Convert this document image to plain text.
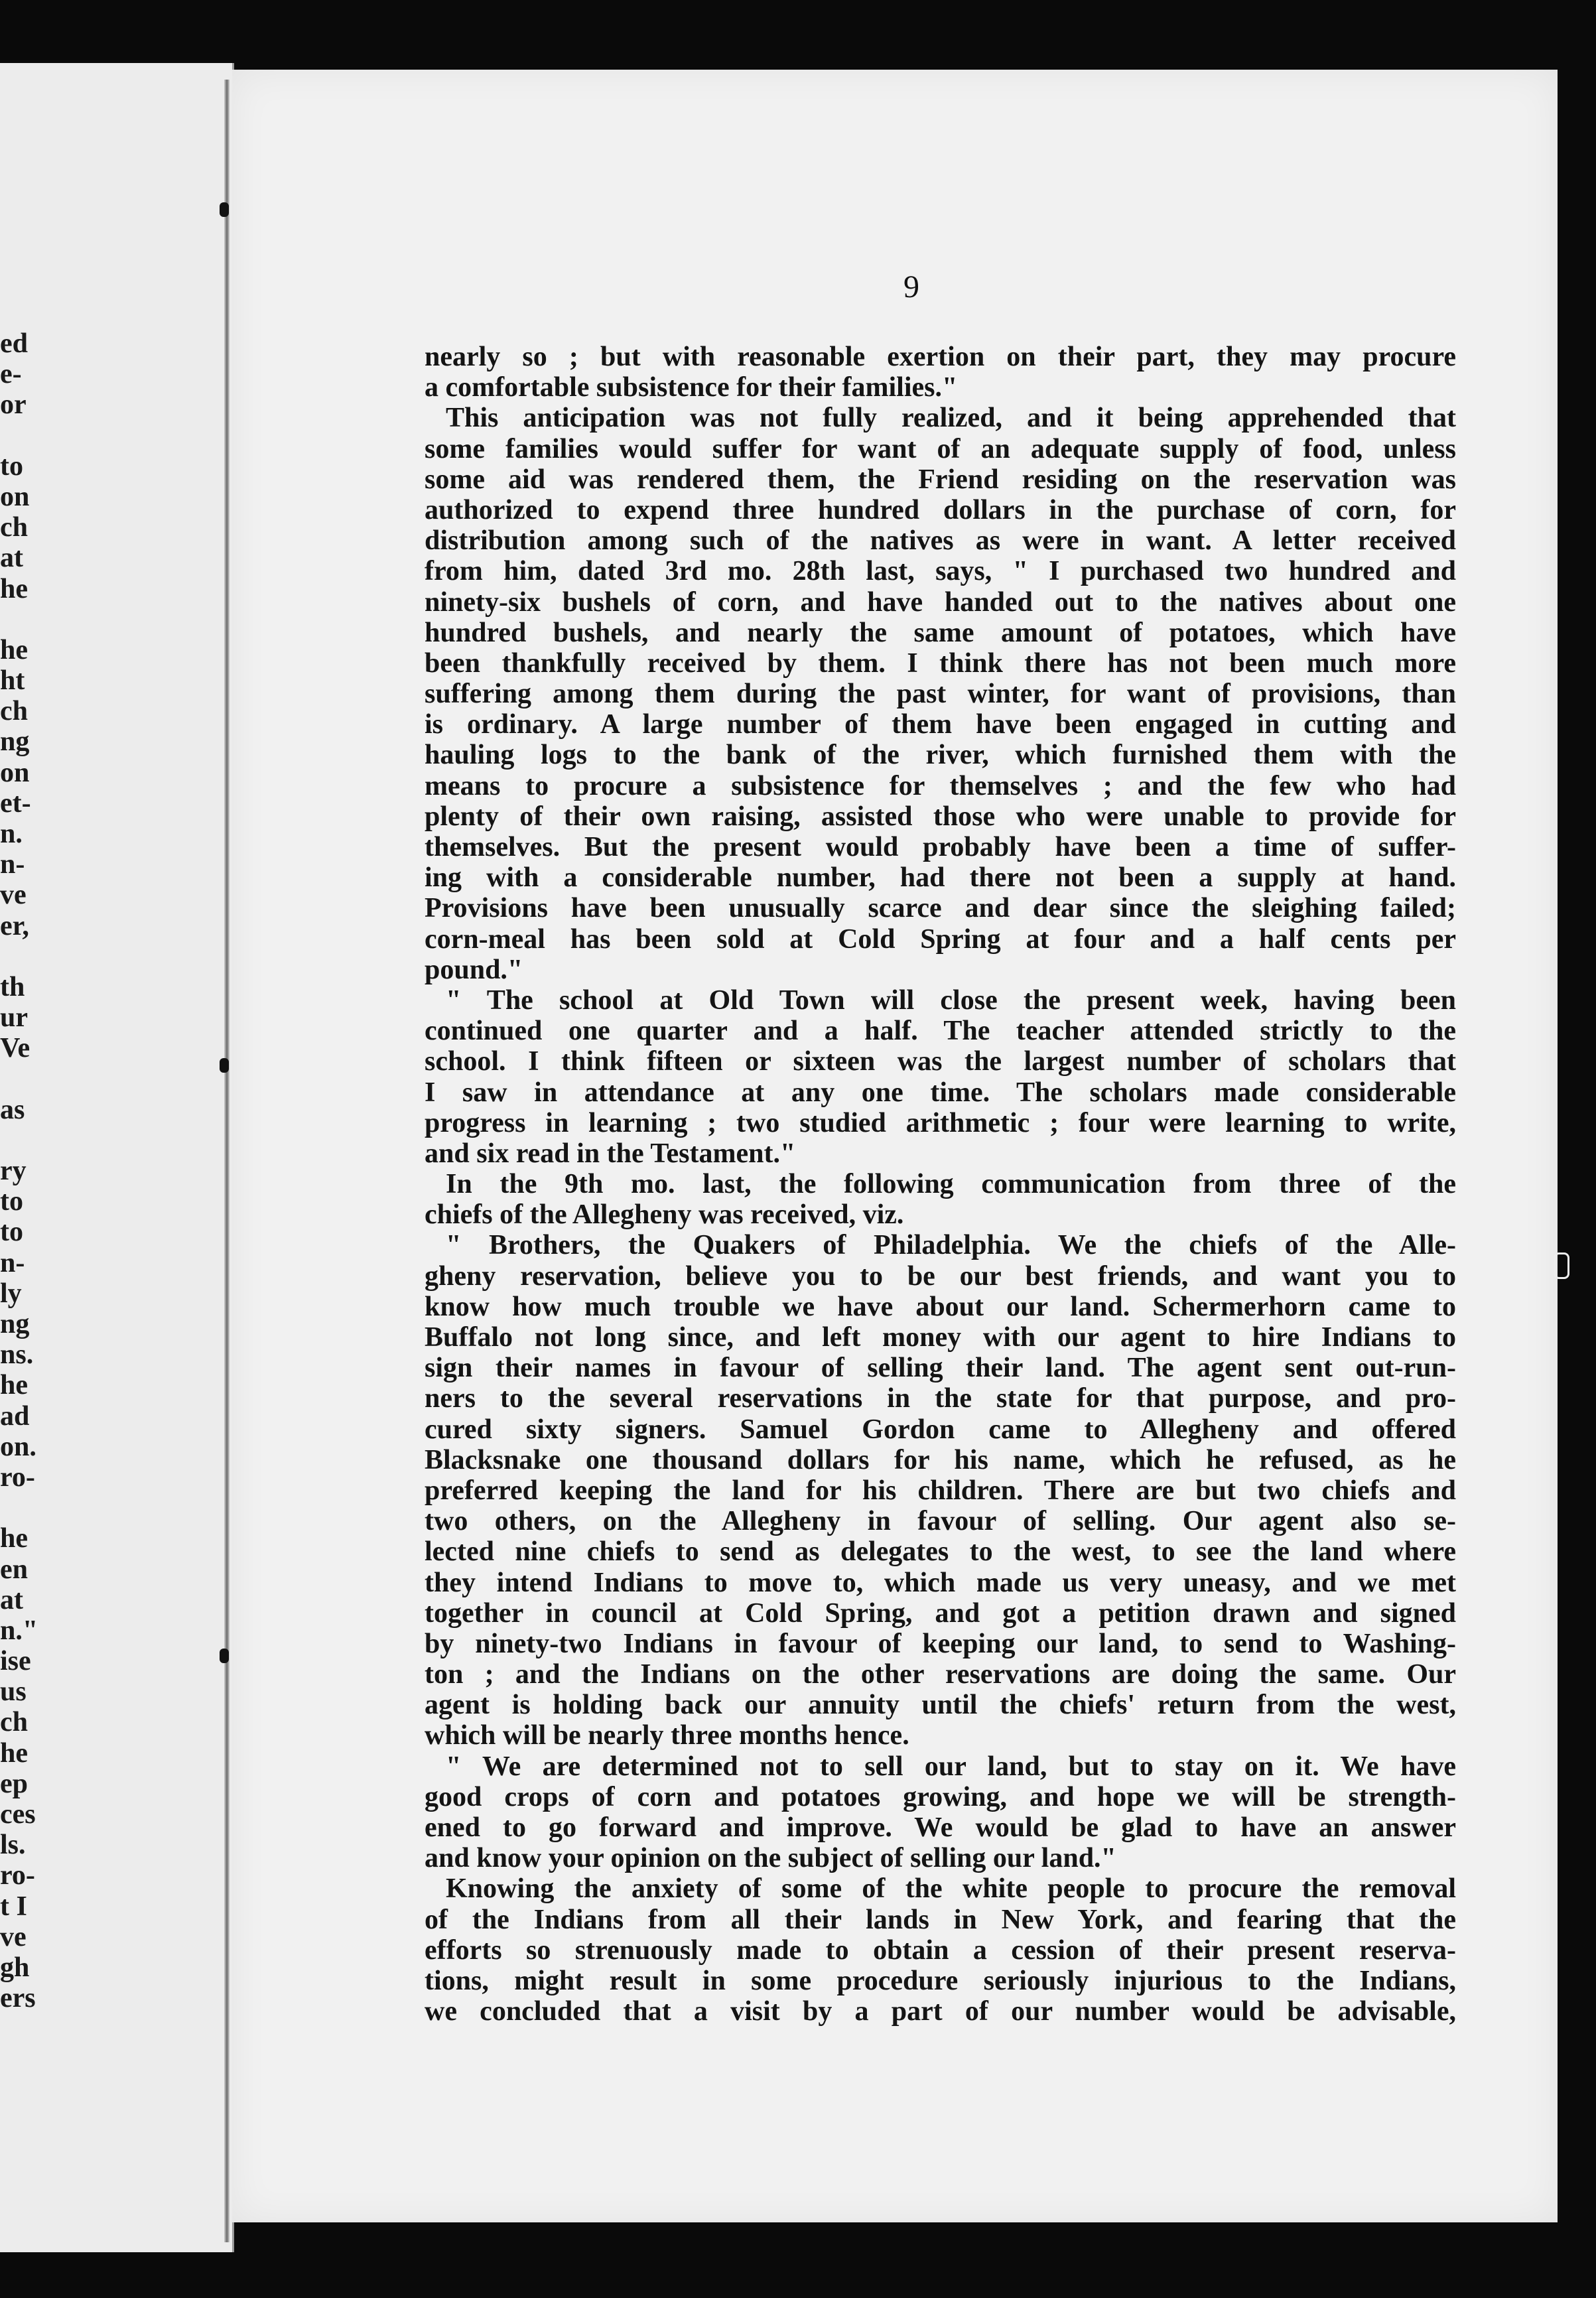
ed
e-
or
to
on
ch
at
he
he
ht
ch
ng
on
et-
n.
n-
ve
er,
th
ur
Ve
as
ry
to
to
n-
ly
ng
ns.
he
ad
on.
ro-
he
en
at
n."
ise
us
ch
he
ep
ces
ls.
ro-
t I
ve
gh
ers
9
nearly so ; but with reasonable exertion on their part, they may procure
a comfortable subsistence for their families."
This anticipation was not fully realized, and it being apprehended that
some families would suffer for want of an adequate supply of food, unless
some aid was rendered them, the Friend residing on the reservation was
authorized to expend three hundred dollars in the purchase of corn, for
distribution among such of the natives as were in want. A letter received
from him, dated 3rd mo. 28th last, says, " I purchased two hundred and
ninety-six bushels of corn, and have handed out to the natives about one
hundred bushels, and nearly the same amount of potatoes, which have
been thankfully received by them. I think there has not been much more
suffering among them during the past winter, for want of provisions, than
is ordinary. A large number of them have been engaged in cutting and
hauling logs to the bank of the river, which furnished them with the
means to procure a subsistence for themselves ; and the few who had
plenty of their own raising, assisted those who were unable to provide for
themselves. But the present would probably have been a time of suffer-
ing with a considerable number, had there not been a supply at hand.
Provisions have been unusually scarce and dear since the sleighing failed;
corn-meal has been sold at Cold Spring at four and a half cents per
pound."
" The school at Old Town will close the present week, having been
continued one quarter and a half. The teacher attended strictly to the
school. I think fifteen or sixteen was the largest number of scholars that
I saw in attendance at any one time. The scholars made considerable
progress in learning ; two studied arithmetic ; four were learning to write,
and six read in the Testament."
In the 9th mo. last, the following communication from three of the
chiefs of the Allegheny was received, viz.
" Brothers, the Quakers of Philadelphia. We the chiefs of the Alle-
gheny reservation, believe you to be our best friends, and want you to
know how much trouble we have about our land. Schermerhorn came to
Buffalo not long since, and left money with our agent to hire Indians to
sign their names in favour of selling their land. The agent sent out-run-
ners to the several reservations in the state for that purpose, and pro-
cured sixty signers. Samuel Gordon came to Allegheny and offered
Blacksnake one thousand dollars for his name, which he refused, as he
preferred keeping the land for his children. There are but two chiefs and
two others, on the Allegheny in favour of selling. Our agent also se-
lected nine chiefs to send as delegates to the west, to see the land where
they intend Indians to move to, which made us very uneasy, and we met
together in council at Cold Spring, and got a petition drawn and signed
by ninety-two Indians in favour of keeping our land, to send to Washing-
ton ; and the Indians on the other reservations are doing the same. Our
agent is holding back our annuity until the chiefs' return from the west,
which will be nearly three months hence.
" We are determined not to sell our land, but to stay on it. We have
good crops of corn and potatoes growing, and hope we will be strength-
ened to go forward and improve. We would be glad to have an answer
and know your opinion on the subject of selling our land."
Knowing the anxiety of some of the white people to procure the removal
of the Indians from all their lands in New York, and fearing that the
efforts so strenuously made to obtain a cession of their present reserva-
tions, might result in some procedure seriously injurious to the Indians,
we concluded that a visit by a part of our number would be advisable,
